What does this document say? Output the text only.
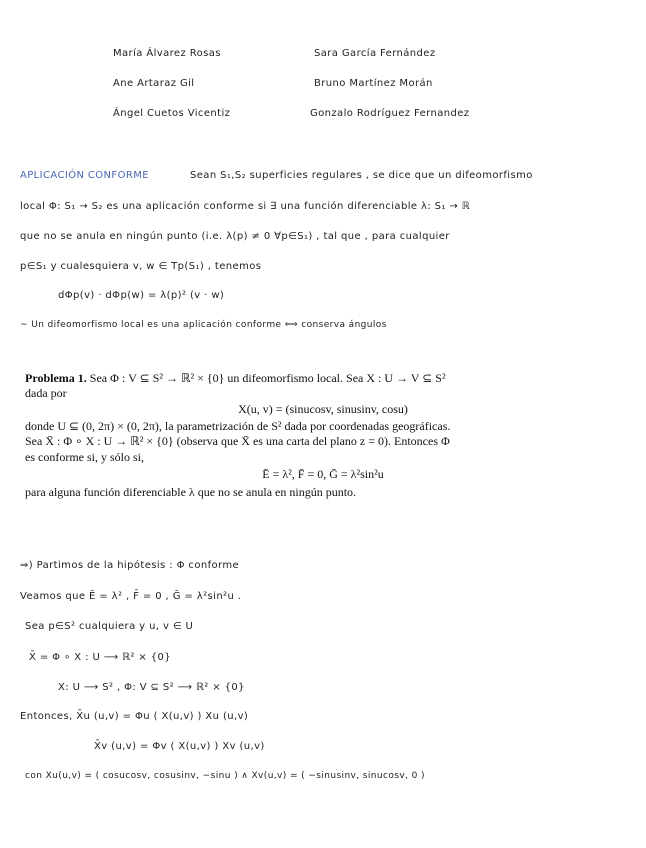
María Álvarez Rosas
Ane Artaraz Gil
Ángel Cuetos Vicentiz
Sara García Fernández
Bruno Martínez Morán
Gonzalo Rodríguez Fernandez
APLICACIÓN CONFORME	Sean S₁,S₂ superficies regulares , se dice que un difeomorfismo
local Φ: S₁ → S₂ es una aplicación conforme si ∃ una función diferenciable λ: S₁ → ℝ
que no se anula en ningún punto (i.e. λ(p) ≠ 0 ∀p∈S₁) , tal que , para cualquier
p∈S₁ y cualesquiera v, w ∈ Tp(S₁) , tenemos
dΦp(v) · dΦp(w) = λ(p)² (v · w)
~ Un difeomorfismo local es una aplicación conforme ⟺ conserva ángulos
Problema 1. Sea Φ : V ⊆ S² → ℝ² × {0} un difeomorfismo local. Sea X : U → V ⊆ S²
dada por
X(u, v) = (sinucosv, sinusinv, cosu)
donde U ⊆ (0, 2π) × (0, 2π), la parametrización de S² dada por coordenadas geográficas.
Sea X̄ : Φ ∘ X : U → ℝ² × {0} (observa que X̄ es una carta del plano z = 0). Entonces Φ
es conforme si, y sólo si,
Ē = λ², F̄ = 0, Ḡ = λ²sin²u
para alguna función diferenciable λ que no se anula en ningún punto.
⇒) Partimos de la hipótesis : Φ conforme
Veamos que Ē = λ² , F̄ = 0 , Ḡ = λ²sin²u .
Sea p∈S² cualquiera y u, v ∈ U
X̄ = Φ ∘ X : U ⟶ ℝ² × {0}
X: U ⟶ S² , Φ: V ⊆ S² ⟶ ℝ² × {0}
Entonces, X̄u (u,v) = Φu ( X(u,v) ) Xu (u,v)
X̄v (u,v) = Φv ( X(u,v) ) Xv (u,v)
con Xu(u,v) = ( cosucosv, cosusinv, −sinu ) ∧ Xv(u,v) = ( −sinusinv, sinucosv, 0 )
